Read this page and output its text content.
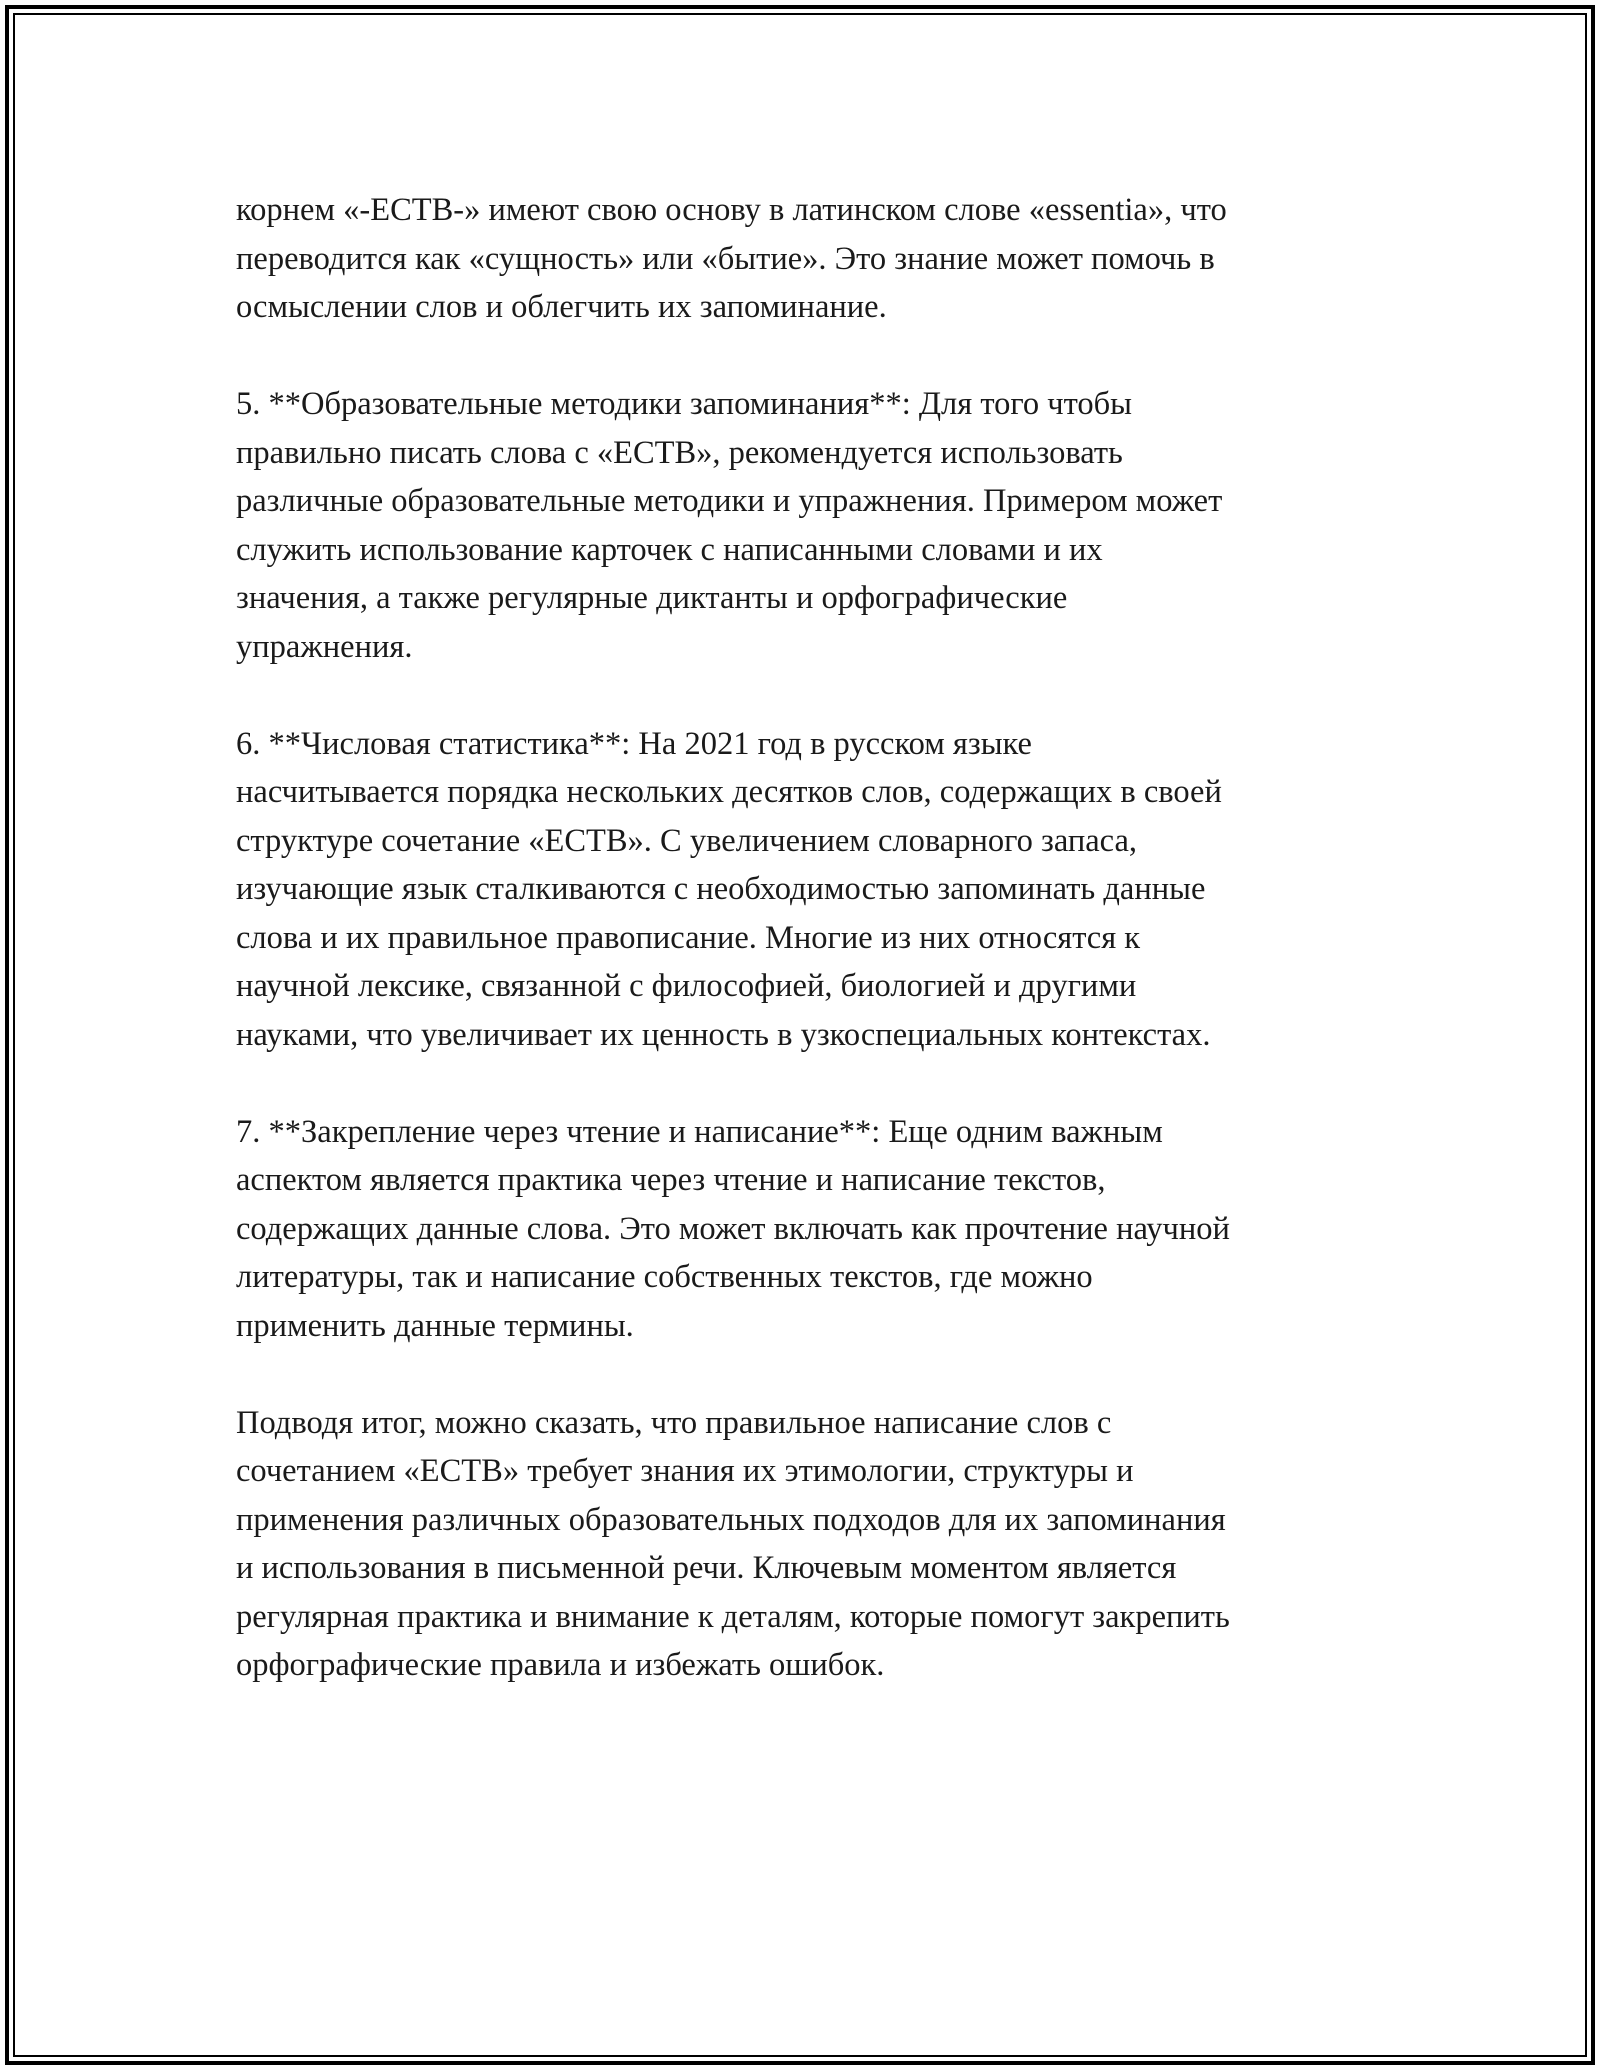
корнем «-ЕСТВ-» имеют свою основу в латинском слове «essentia», что
переводится как «сущность» или «бытие». Это знание может помочь в
осмыслении слов и облегчить их запоминание.

5. **Образовательные методики запоминания**: Для того чтобы
правильно писать слова с «ЕСТВ», рекомендуется использовать
различные образовательные методики и упражнения. Примером может
служить использование карточек с написанными словами и их
значения, а также регулярные диктанты и орфографические
упражнения.

6. **Числовая статистика**: На 2021 год в русском языке
насчитывается порядка нескольких десятков слов, содержащих в своей
структуре сочетание «ЕСТВ». С увеличением словарного запаса,
изучающие язык сталкиваются с необходимостью запоминать данные
слова и их правильное правописание. Многие из них относятся к
научной лексике, связанной с философией, биологией и другими
науками, что увеличивает их ценность в узкоспециальных контекстах.

7. **Закрепление через чтение и написание**: Еще одним важным
аспектом является практика через чтение и написание текстов,
содержащих данные слова. Это может включать как прочтение научной
литературы, так и написание собственных текстов, где можно
применить данные термины.

Подводя итог, можно сказать, что правильное написание слов с
сочетанием «ЕСТВ» требует знания их этимологии, структуры и
применения различных образовательных подходов для их запоминания
и использования в письменной речи. Ключевым моментом является
регулярная практика и внимание к деталям, которые помогут закрепить
орфографические правила и избежать ошибок.
